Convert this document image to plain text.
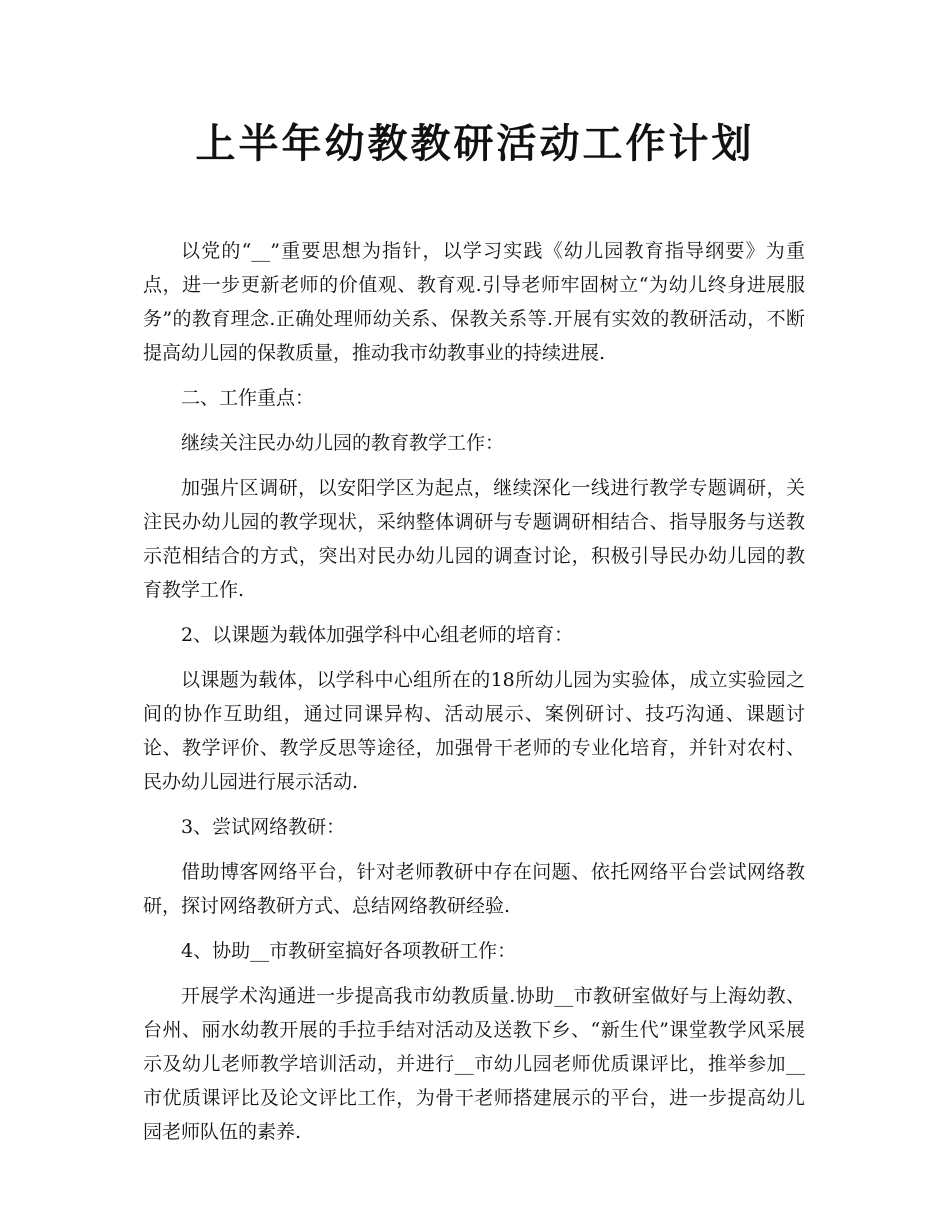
上半年幼教教研活动工作计划

以党的“__”重要思想为指针，以学习实践《幼儿园教育指导纲要》为重点，进一步更新老师的价值观、教育观.引导老师牢固树立“为幼儿终身进展服务”的教育理念.正确处理师幼关系、保教关系等.开展有实效的教研活动，不断提高幼儿园的保教质量，推动我市幼教事业的持续进展.

二、工作重点：

继续关注民办幼儿园的教育教学工作：

加强片区调研，以安阳学区为起点，继续深化一线进行教学专题调研，关注民办幼儿园的教学现状，采纳整体调研与专题调研相结合、指导服务与送教示范相结合的方式，突出对民办幼儿园的调查讨论，积极引导民办幼儿园的教育教学工作.

2、以课题为载体加强学科中心组老师的培育：

以课题为载体，以学科中心组所在的18所幼儿园为实验体，成立实验园之间的协作互助组，通过同课异构、活动展示、案例研讨、技巧沟通、课题讨论、教学评价、教学反思等途径，加强骨干老师的专业化培育，并针对农村、民办幼儿园进行展示活动.

3、尝试网络教研：

借助博客网络平台，针对老师教研中存在问题、依托网络平台尝试网络教研，探讨网络教研方式、总结网络教研经验.

4、协助__市教研室搞好各项教研工作：

开展学术沟通进一步提高我市幼教质量.协助__市教研室做好与上海幼教、台州、丽水幼教开展的手拉手结对活动及送教下乡、“新生代”课堂教学风采展示及幼儿老师教学培训活动，并进行__市幼儿园老师优质课评比，推举参加__市优质课评比及论文评比工作，为骨干老师搭建展示的平台，进一步提高幼儿园老师队伍的素养.
